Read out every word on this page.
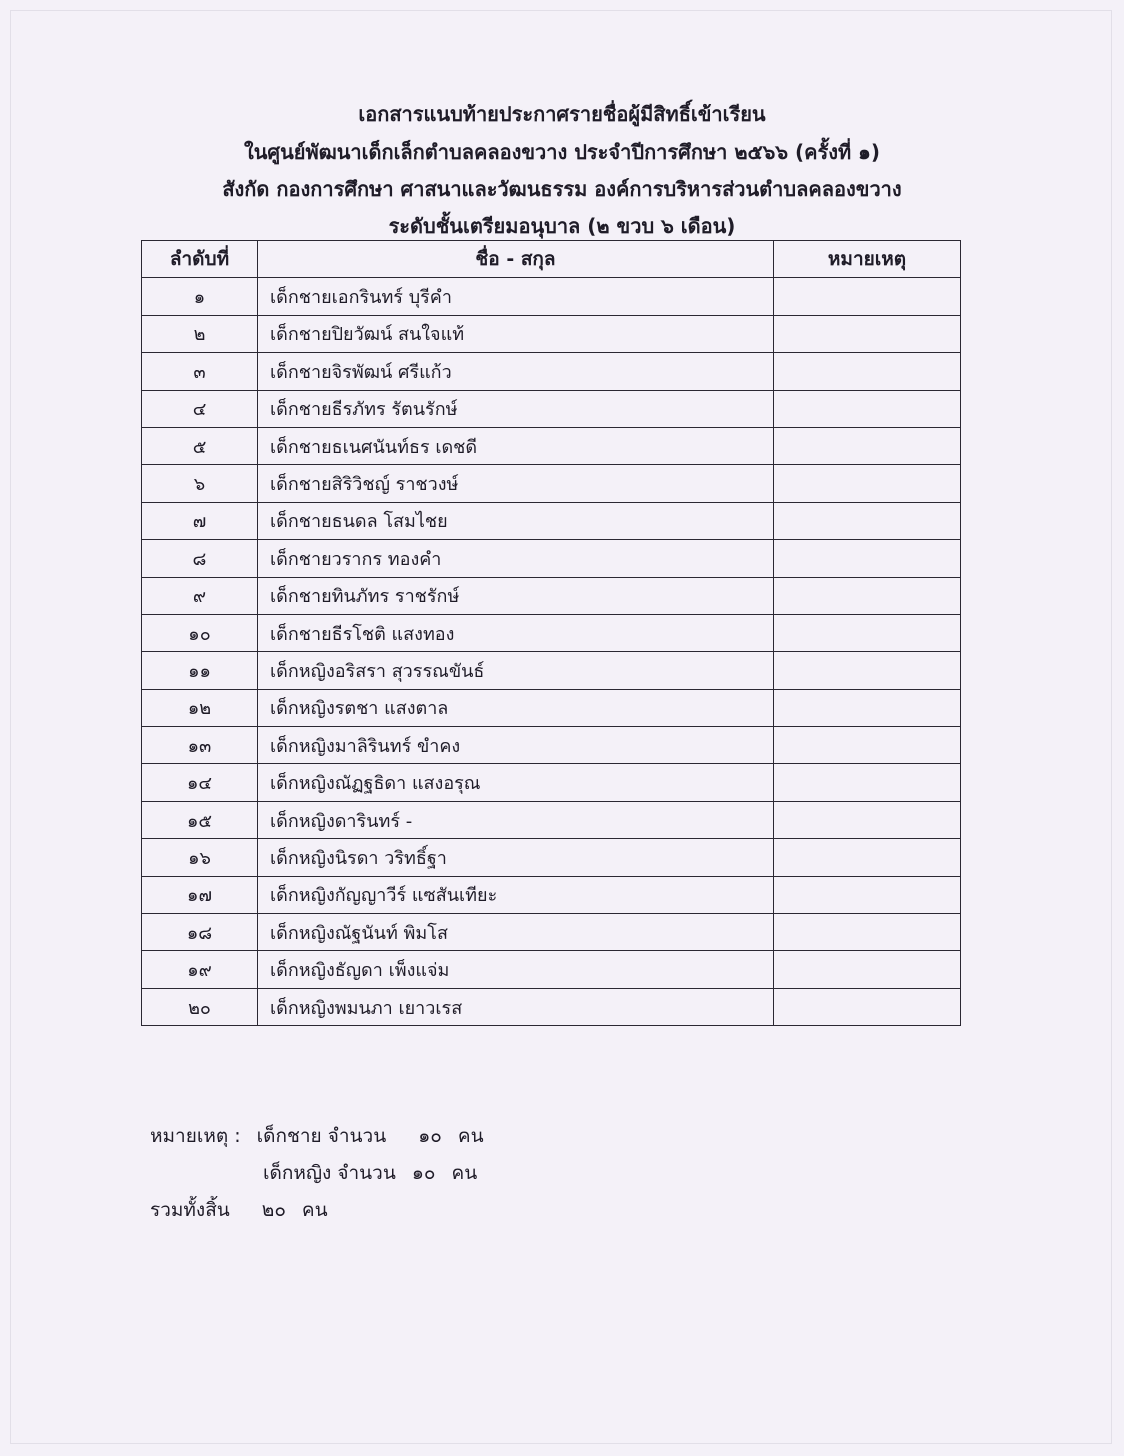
เอกสารแนบท้ายประกาศรายชื่อผู้มีสิทธิ์เข้าเรียน
ในศูนย์พัฒนาเด็กเล็กตำบลคลองขวาง ประจำปีการศึกษา ๒๕๖๖ (ครั้งที่ ๑)
สังกัด กองการศึกษา ศาสนาและวัฒนธรรม องค์การบริหารส่วนตำบลคลองขวาง
ระดับชั้นเตรียมอนุบาล (๒ ขวบ ๖ เดือน)
ลำดับที่	ชื่อ - สกุล	หมายเหตุ
๑	เด็กชายเอกรินทร์ บุรีคำ	
๒	เด็กชายปิยวัฒน์ สนใจแท้	
๓	เด็กชายจิรพัฒน์ ศรีแก้ว	
๔	เด็กชายธีรภัทร รัตนรักษ์	
๕	เด็กชายธเนศนันท์ธร เดชดี	
๖	เด็กชายสิริวิชญ์ ราชวงษ์	
๗	เด็กชายธนดล โสมไชย	
๘	เด็กชายวรากร ทองคำ	
๙	เด็กชายทินภัทร ราชรักษ์	
๑๐	เด็กชายธีรโชติ แสงทอง	
๑๑	เด็กหญิงอริสรา สุวรรณขันธ์	
๑๒	เด็กหญิงรตชา แสงตาล	
๑๓	เด็กหญิงมาลิรินทร์ ขำคง	
๑๔	เด็กหญิงณัฏฐธิดา แสงอรุณ	
๑๕	เด็กหญิงดารินทร์ -	
๑๖	เด็กหญิงนิรดา วริทธิ์ฐา	
๑๗	เด็กหญิงกัญญาวีร์ แซสันเทียะ	
๑๘	เด็กหญิงณัฐนันท์ พิมโส	
๑๙	เด็กหญิงธัญดา เพ็งแจ่ม	
๒๐	เด็กหญิงพมนภา เยาวเรส	
หมายเหตุ : เด็กชาย จำนวน ๑๐ คน
เด็กหญิง จำนวน ๑๐ คน
รวมทั้งสิ้น ๒๐ คน
